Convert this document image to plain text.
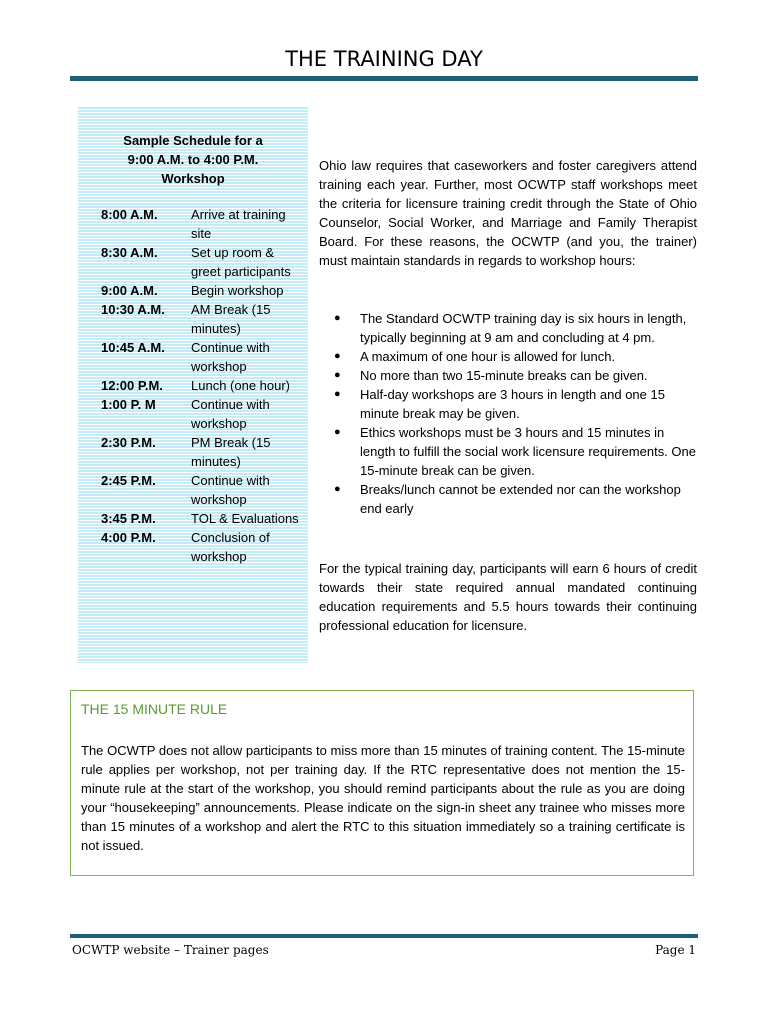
THE TRAINING DAY
Sample Schedule for a
9:00 A.M. to 4:00 P.M.
Workshop
8:00 A.M.	Arrive at training site
8:30 A.M.	Set up room & greet participants
9:00 A.M.	Begin workshop
10:30 A.M.	AM Break (15 minutes)
10:45 A.M.	Continue with workshop
12:00 P.M.	Lunch (one hour)
1:00 P. M	Continue with workshop
2:30 P.M.	PM Break (15 minutes)
2:45 P.M.	Continue with workshop
3:45 P.M.	TOL & Evaluations
4:00 P.M.	Conclusion of workshop

Ohio law requires that caseworkers and foster caregivers attend training each year. Further, most OCWTP staff workshops meet the criteria for licensure training credit through the State of Ohio Counselor, Social Worker, and Marriage and Family Therapist Board. For these reasons, the OCWTP (and you, the trainer) must maintain standards in regards to workshop hours:

●	The Standard OCWTP training day is six hours in length, typically beginning at 9 am and concluding at 4 pm.
●	A maximum of one hour is allowed for lunch.
●	No more than two 15-minute breaks can be given.
●	Half-day workshops are 3 hours in length and one 15 minute break may be given.
●	Ethics workshops must be 3 hours and 15 minutes in length to fulfill the social work licensure requirements. One 15-minute break can be given.
●	Breaks/lunch cannot be extended nor can the workshop end early

For the typical training day, participants will earn 6 hours of credit towards their state required annual mandated continuing education requirements and 5.5 hours towards their continuing professional education for licensure.

THE 15 MINUTE RULE
The OCWTP does not allow participants to miss more than 15 minutes of training content. The 15-minute rule applies per workshop, not per training day. If the RTC representative does not mention the 15-minute rule at the start of the workshop, you should remind participants about the rule as you are doing your “housekeeping” announcements. Please indicate on the sign-in sheet any trainee who misses more than 15 minutes of a workshop and alert the RTC to this situation immediately so a training certificate is not issued.
OCWTP website – Trainer pages	Page 1
